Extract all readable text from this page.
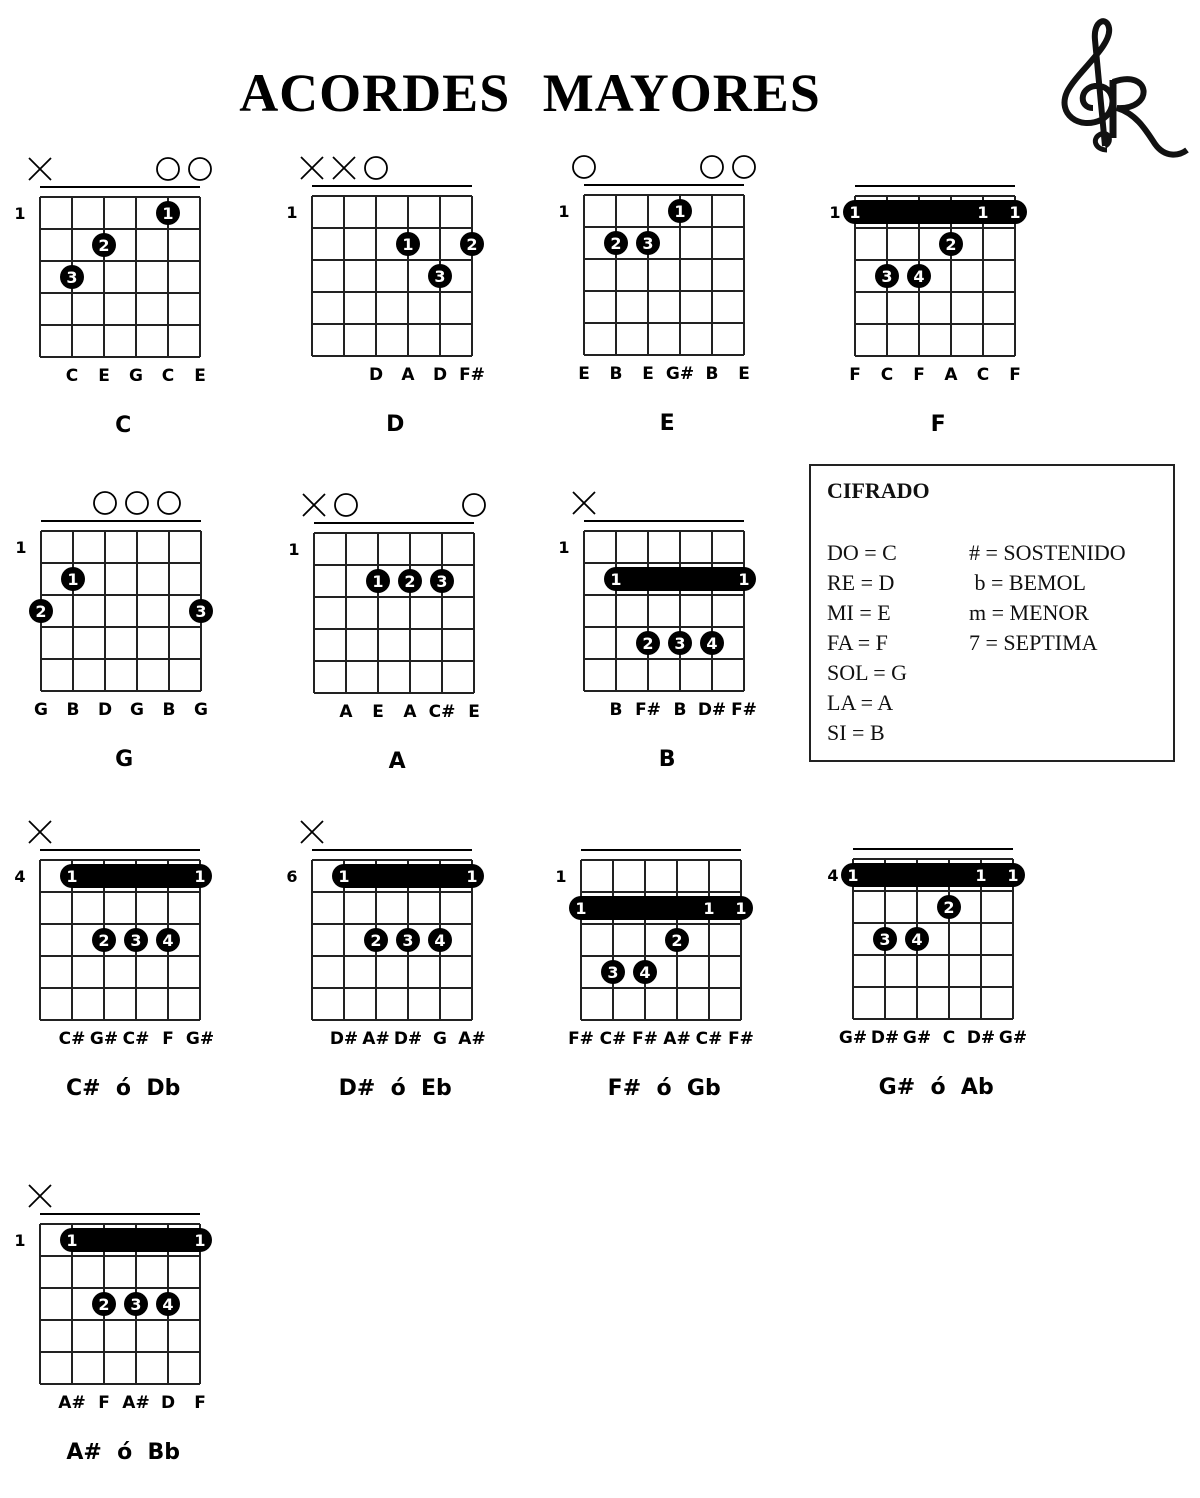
ACORDES MAYORES
1	1
2
3
C E G C E
C
1
1	2
3
D A D F#
D
1	1
2 3
E B E G# B E
E
1 1	1 1
2
3 4
F C F A C F
F
1
1
2	3
G B D G B G
G
1
1 2 3
A E A C# E
A
1
1	1
2 3 4
B F# B D# F#
B
4	1	1
2 3 4
C# G# C# F G#
C#  ó  Db
6	1	1
2 3 4
D# A# D# G A#
D#  ó  Eb
1
1	1 1
2
3 4
F# C# F# A# C# F#
F#  ó  Gb
4 1	1 1
2
3 4
G# D# G# C D# G#
G#  ó  Ab
1	1	1
2 3 4
A# F A# D F
A#  ó  Bb
CIFRADO
DO = C
RE = D
MI = E
FA = F
SOL = G
LA = A
SI = B
# = SOSTENIDO
b = BEMOL
m = MENOR
7 = SEPTIMA
